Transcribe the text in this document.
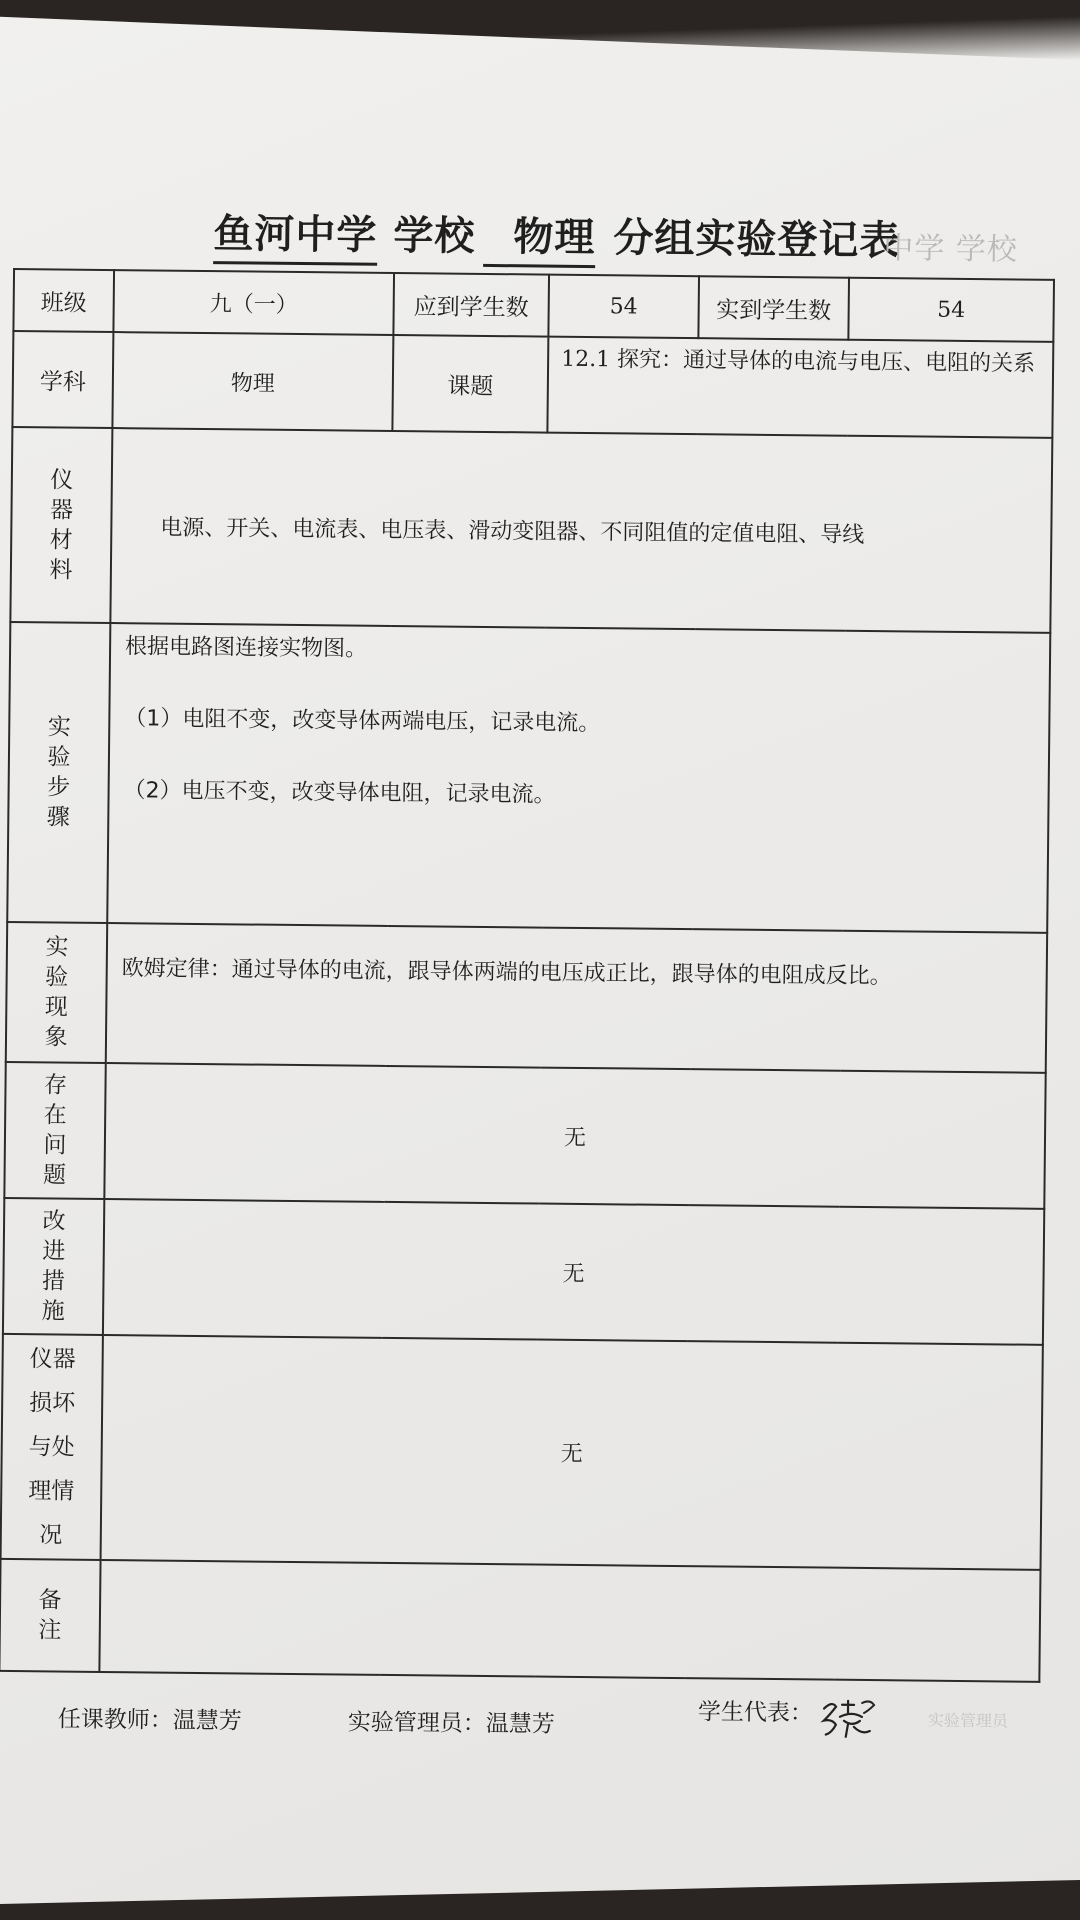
鱼河中学 学校 物理 分组实验登记表
中学 学校
班级	九（一）	应到学生数	54	实到学生数	54
学科	物理	课题	12.1 探究：通过导体的电流与电压、电阻的关系		
仪器材料	电源、开关、电流表、电压表、滑动变阻器、不同阻值的定值电阻、导线				
实验步骤	根据电路图连接实物图。
（1）电阻不变，改变导体两端电压，记录电流。
（2）电压不变，改变导体电阻，记录电流。				

实验现象	欧姆定律：通过导体的电流，跟导体两端的电压成正比，跟导体的电阻成反比。				
存在问题	无				
改进措施	无				
仪器损坏与处理情况	无				
备注					
任课教师：温慧芳	实验管理员：温慧芳	学生代表：	实验管理员
